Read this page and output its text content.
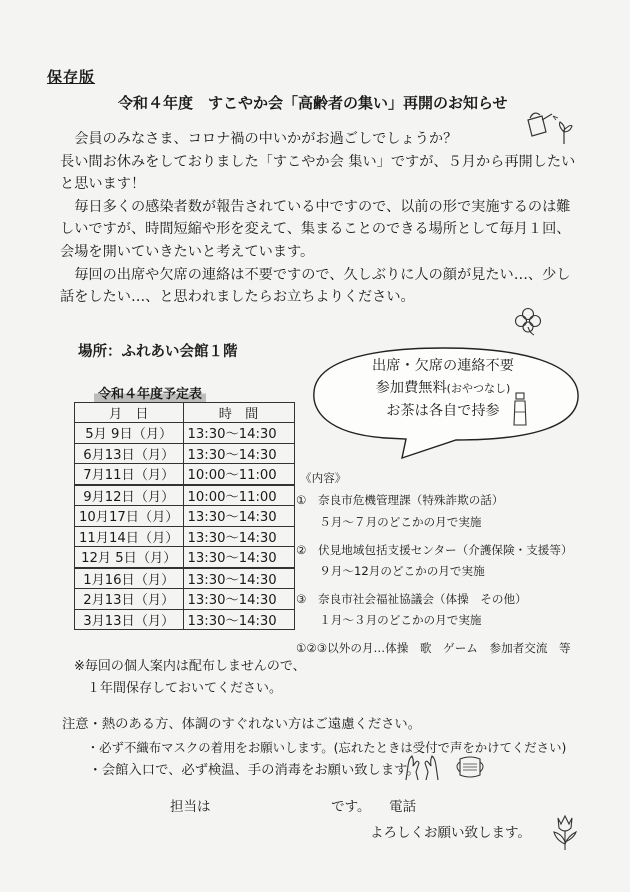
保存版
令和４年度　すこやか会「高齢者の集い」再開のお知らせ

　会員のみなさま、コロナ禍の中いかがお過ごしでしょうか？

長い間お休みをしておりました「すこやか会 集い」ですが、５月から再開したい

と思います！

　毎日多くの感染者数が報告されている中ですので、以前の形で実施するのは難

しいですが、時間短縮や形を変えて、集まることのできる場所として毎月１回、

会場を開いていきたいと考えています。

　毎回の出席や欠席の連絡は不要ですので、久しぶりに人の顔が見たい…、少し

話をしたい…、と思われましたらお立ちよりください。

場所：ふれあい会館１階
出席・欠席の連絡不要
参加費無料(おやつなし)
お茶は各自で持参
令和４年度予定表
月　日	時　間
5月 9日（月）	13:30～14:30
6月13日（月）	13:30～14:30
7月11日（月）	10:00～11:00
9月12日（月）	10:00～11:00
10月17日（月）	13:30～14:30
11月14日（月）	13:30～14:30
12月 5日（月）	13:30～14:30
1月16日（月）	13:30～14:30
2月13日（月）	13:30～14:30
3月13日（月）	13:30～14:30
※毎回の個人案内は配布しませんので、
　１年間保存しておいてください。
《内容》
①　奈良市危機管理課（特殊詐欺の話）
　　５月～７月のどこかの月で実施
②　伏見地域包括支援センター（介護保険・支援等）
　　９月～12月のどこかの月で実施
③　奈良市社会福祉協議会（体操　その他）
　　１月～３月のどこかの月で実施
①②③以外の月…体操　歌　ゲーム　参加者交流　等
注意・熱のある方、体調のすぐれない方はご遠慮ください。
　　・必ず不織布マスクの着用をお願いします。(忘れたときは受付で声をかけてください)
　　・会館入口で、必ず検温、手の消毒をお願い致します。
担当は	です。 電話
よろしくお願い致します。
